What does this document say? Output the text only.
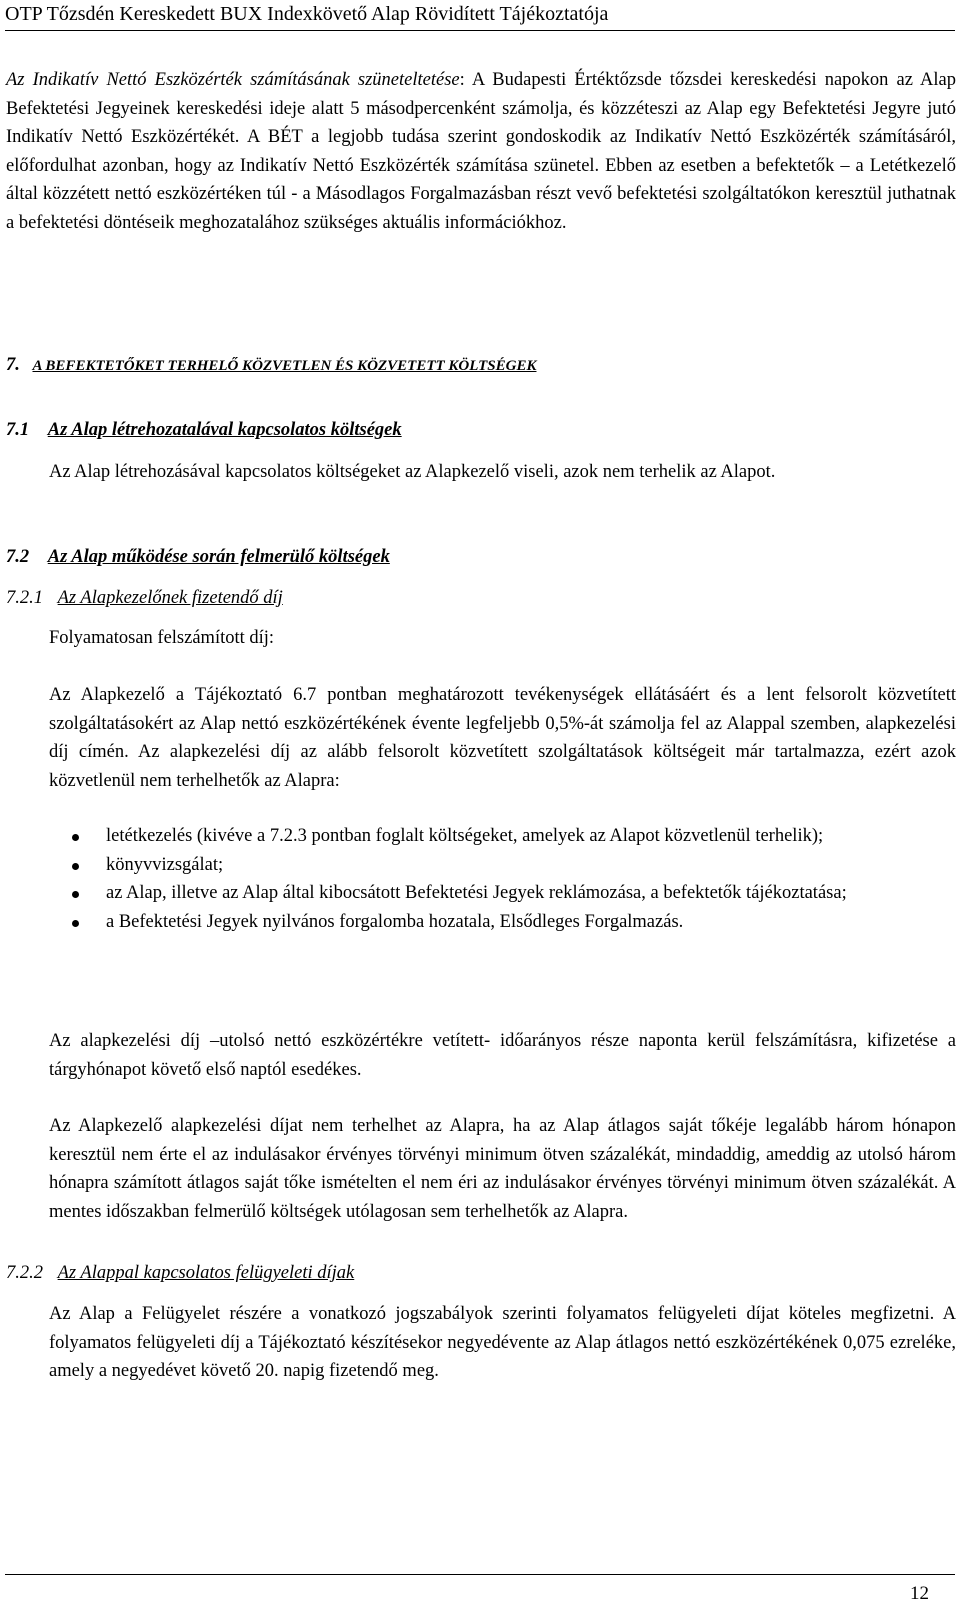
OTP Tőzsdén Kereskedett BUX Indexkövető Alap Rövidített Tájékoztatója
Az Indikatív Nettó Eszközérték számításának szüneteltetése: A Budapesti Értéktőzsde tőzsdei kereskedési napokon az Alap Befektetési Jegyeinek kereskedési ideje alatt 5 másodpercenként számolja, és közzéteszi az Alap egy Befektetési Jegyre jutó Indikatív Nettó Eszközértékét. A BÉT a legjobb tudása szerint gondoskodik az Indikatív Nettó Eszközérték számításáról, előfordulhat azonban, hogy az Indikatív Nettó Eszközérték számítása szünetel. Ebben az esetben a befektetők – a Letétkezelő által közzétett nettó eszközértéken túl - a Másodlagos Forgalmazásban részt vevő befektetési szolgáltatókon keresztül juthatnak a befektetési döntéseik meghozatalához szükséges aktuális információkhoz.
7. A BEFEKTETŐKET TERHELŐ KÖZVETLEN ÉS KÖZVETETT KÖLTSÉGEK
7.1 Az Alap létrehozatalával kapcsolatos költségek
Az Alap létrehozásával kapcsolatos költségeket az Alapkezelő viseli, azok nem terhelik az Alapot.
7.2 Az Alap működése során felmerülő költségek
7.2.1 Az Alapkezelőnek fizetendő díj
Folyamatosan felszámított díj:
Az Alapkezelő a Tájékoztató 6.7 pontban meghatározott tevékenységek ellátásáért és a lent felsorolt közvetített szolgáltatásokért az Alap nettó eszközértékének évente legfeljebb 0,5%-át számolja fel az Alappal szemben, alapkezelési díj címén. Az alapkezelési díj az alább felsorolt közvetített szolgáltatások költségeit már tartalmazza, ezért azok közvetlenül nem terhelhetők az Alapra:
letétkezelés (kivéve a 7.2.3 pontban foglalt költségeket, amelyek az Alapot közvetlenül terhelik);
könyvvizsgálat;
az Alap, illetve az Alap által kibocsátott Befektetési Jegyek reklámozása, a befektetők tájékoztatása;
a Befektetési Jegyek nyilvános forgalomba hozatala, Elsődleges Forgalmazás.
Az alapkezelési díj –utolsó nettó eszközértékre vetített- időarányos része naponta kerül felszámításra, kifizetése a tárgyhónapot követő első naptól esedékes.
Az Alapkezelő alapkezelési díjat nem terhelhet az Alapra, ha az Alap átlagos saját tőkéje legalább három hónapon keresztül nem érte el az indulásakor érvényes törvényi minimum ötven százalékát, mindaddig, ameddig az utolsó három hónapra számított átlagos saját tőke ismételten el nem éri az indulásakor érvényes törvényi minimum ötven százalékát. A mentes időszakban felmerülő költségek utólagosan sem terhelhetők az Alapra.
7.2.2 Az Alappal kapcsolatos felügyeleti díjak
Az Alap a Felügyelet részére a vonatkozó jogszabályok szerinti folyamatos felügyeleti díjat köteles megfizetni. A folyamatos felügyeleti díj a Tájékoztató készítésekor negyedévente az Alap átlagos nettó eszközértékének 0,075 ezreléke, amely a negyedévet követő 20. napig fizetendő meg.
12
